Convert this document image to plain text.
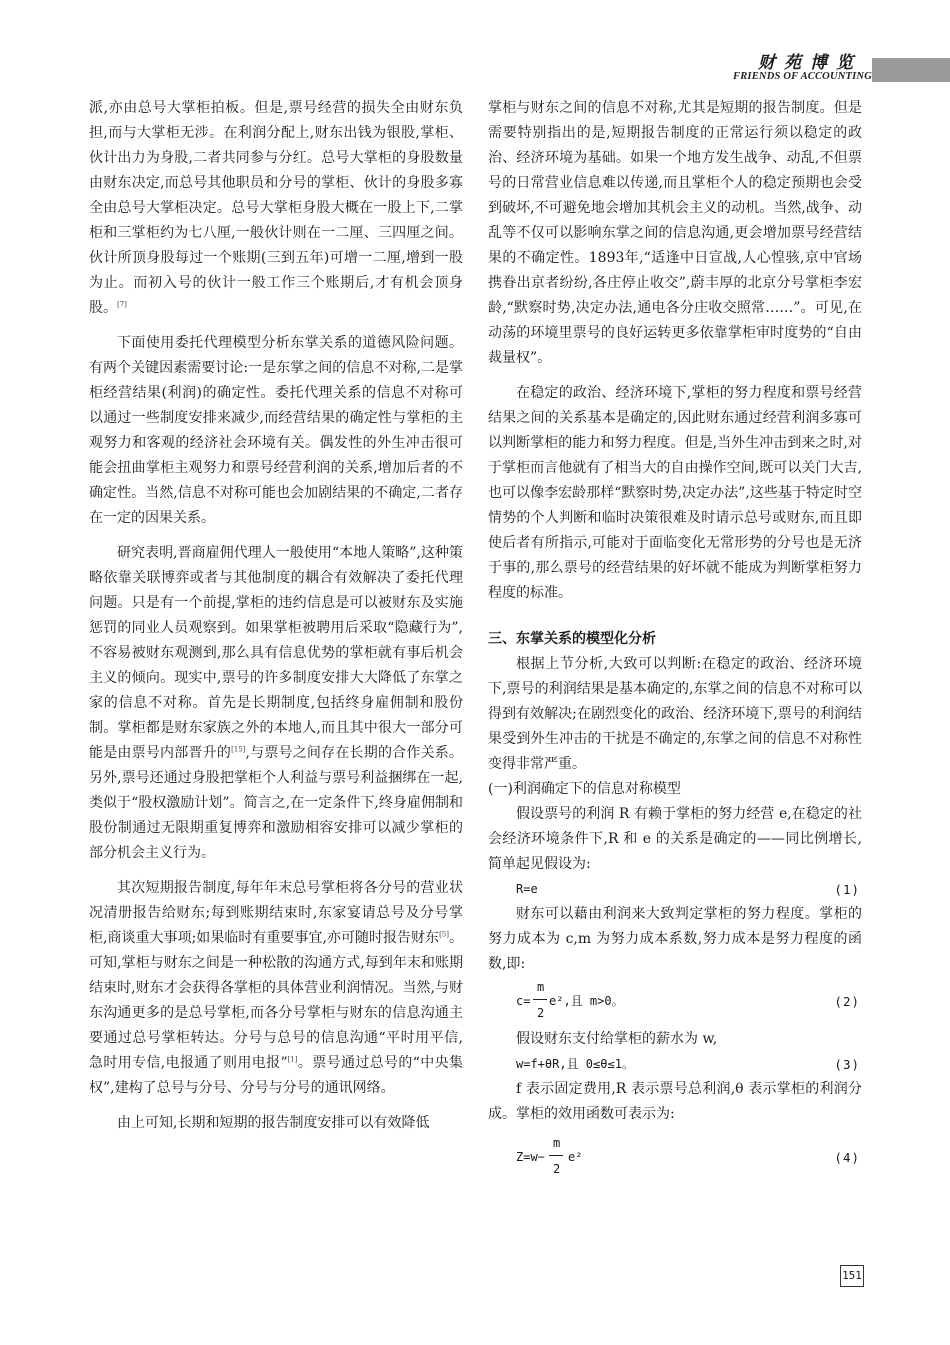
财苑博览
FRIENDS OF ACCOUNTING

派,亦由总号大掌柜拍板。但是,票号经营的损失全由财东负担,而与大掌柜无涉。在利润分配上,财东出钱为银股,掌柜、伙计出力为身股,二者共同参与分红。总号大掌柜的身股数量由财东决定,而总号其他职员和分号的掌柜、伙计的身股多寡全由总号大掌柜决定。总号大掌柜身股大概在一股上下,二掌柜和三掌柜约为七八厘,一般伙计则在一二厘、三四厘之间。伙计所顶身股每过一个账期(三到五年)可增一二厘,增到一股为止。而初入号的伙计一般工作三个账期后,才有机会顶身股。[7]

下面使用委托代理模型分析东掌关系的道德风险问题。有两个关键因素需要讨论:一是东掌之间的信息不对称,二是掌柜经营结果(利润)的确定性。委托代理关系的信息不对称可以通过一些制度安排来减少,而经营结果的确定性与掌柜的主观努力和客观的经济社会环境有关。偶发性的外生冲击很可能会扭曲掌柜主观努力和票号经营利润的关系,增加后者的不确定性。当然,信息不对称可能也会加剧结果的不确定,二者存在一定的因果关系。

研究表明,晋商雇佣代理人一般使用“本地人策略”,这种策略依靠关联博弈或者与其他制度的耦合有效解决了委托代理问题。只是有一个前提,掌柜的违约信息是可以被财东及实施惩罚的同业人员观察到。如果掌柜被聘用后采取“隐藏行为”,不容易被财东观测到,那么具有信息优势的掌柜就有事后机会主义的倾向。现实中,票号的许多制度安排大大降低了东掌之家的信息不对称。首先是长期制度,包括终身雇佣制和股份制。掌柜都是财东家族之外的本地人,而且其中很大一部分可能是由票号内部晋升的[15],与票号之间存在长期的合作关系。另外,票号还通过身股把掌柜个人利益与票号利益捆绑在一起,类似于“股权激励计划”。简言之,在一定条件下,终身雇佣制和股份制通过无限期重复博弈和激励相容安排可以减少掌柜的部分机会主义行为。

其次短期报告制度,每年年末总号掌柜将各分号的营业状况清册报告给财东;每到账期结束时,东家宴请总号及分号掌柜,商谈重大事项;如果临时有重要事宜,亦可随时报告财东[5]。可知,掌柜与财东之间是一种松散的沟通方式,每到年末和账期结束时,财东才会获得各掌柜的具体营业利润情况。当然,与财东沟通更多的是总号掌柜,而各分号掌柜与财东的信息沟通主要通过总号掌柜转达。分号与总号的信息沟通“平时用平信,急时用专信,电报通了则用电报”[1]。票号通过总号的“中央集权”,建构了总号与分号、分号与分号的通讯网络。

由上可知,长期和短期的报告制度安排可以有效降低

掌柜与财东之间的信息不对称,尤其是短期的报告制度。但是需要特别指出的是,短期报告制度的正常运行须以稳定的政治、经济环境为基础。如果一个地方发生战争、动乱,不但票号的日常营业信息难以传递,而且掌柜个人的稳定预期也会受到破坏,不可避免地会增加其机会主义的动机。当然,战争、动乱等不仅可以影响东掌之间的信息沟通,更会增加票号经营结果的不确定性。1893年,“适逢中日宣战,人心惶骇,京中官场携眷出京者纷纷,各庄停止收交”,蔚丰厚的北京分号掌柜李宏龄,“默察时势,决定办法,通电各分庄收交照常……”。可见,在动荡的环境里票号的良好运转更多依靠掌柜审时度势的“自由裁量权”。

在稳定的政治、经济环境下,掌柜的努力程度和票号经营结果之间的关系基本是确定的,因此财东通过经营利润多寡可以判断掌柜的能力和努力程度。但是,当外生冲击到来之时,对于掌柜而言他就有了相当大的自由操作空间,既可以关门大吉,也可以像李宏龄那样“默察时势,决定办法”,这些基于特定时空情势的个人判断和临时决策很难及时请示总号或财东,而且即使后者有所指示,可能对于面临变化无常形势的分号也是无济于事的,那么票号的经营结果的好坏就不能成为判断掌柜努力程度的标准。

三、东掌关系的模型化分析

根据上节分析,大致可以判断:在稳定的政治、经济环境下,票号的利润结果是基本确定的,东掌之间的信息不对称可以得到有效解决;在剧烈变化的政治、经济环境下,票号的利润结果受到外生冲击的干扰是不确定的,东掌之间的信息不对称性变得非常严重。

(一)利润确定下的信息对称模型

假设票号的利润 R 有赖于掌柜的努力经营 e,在稳定的社会经济环境条件下,R 和 e 的关系是确定的——同比例增长,简单起见假设为:

R=e	(1)

财东可以藉由利润来大致判定掌柜的努力程度。掌柜的努力成本为 c,m 为努力成本系数,努力成本是努力程度的函数,即:

c=
m
2
e²,且 m>0。	(2)

假设财东支付给掌柜的薪水为 w,

w=f+θR,且 0≤θ≤1。	(3)

f 表示固定费用,R 表示票号总利润,θ 表示掌柜的利润分成。掌柜的效用函数可表示为:

Z=w−
m
2
e²	(4)
151
